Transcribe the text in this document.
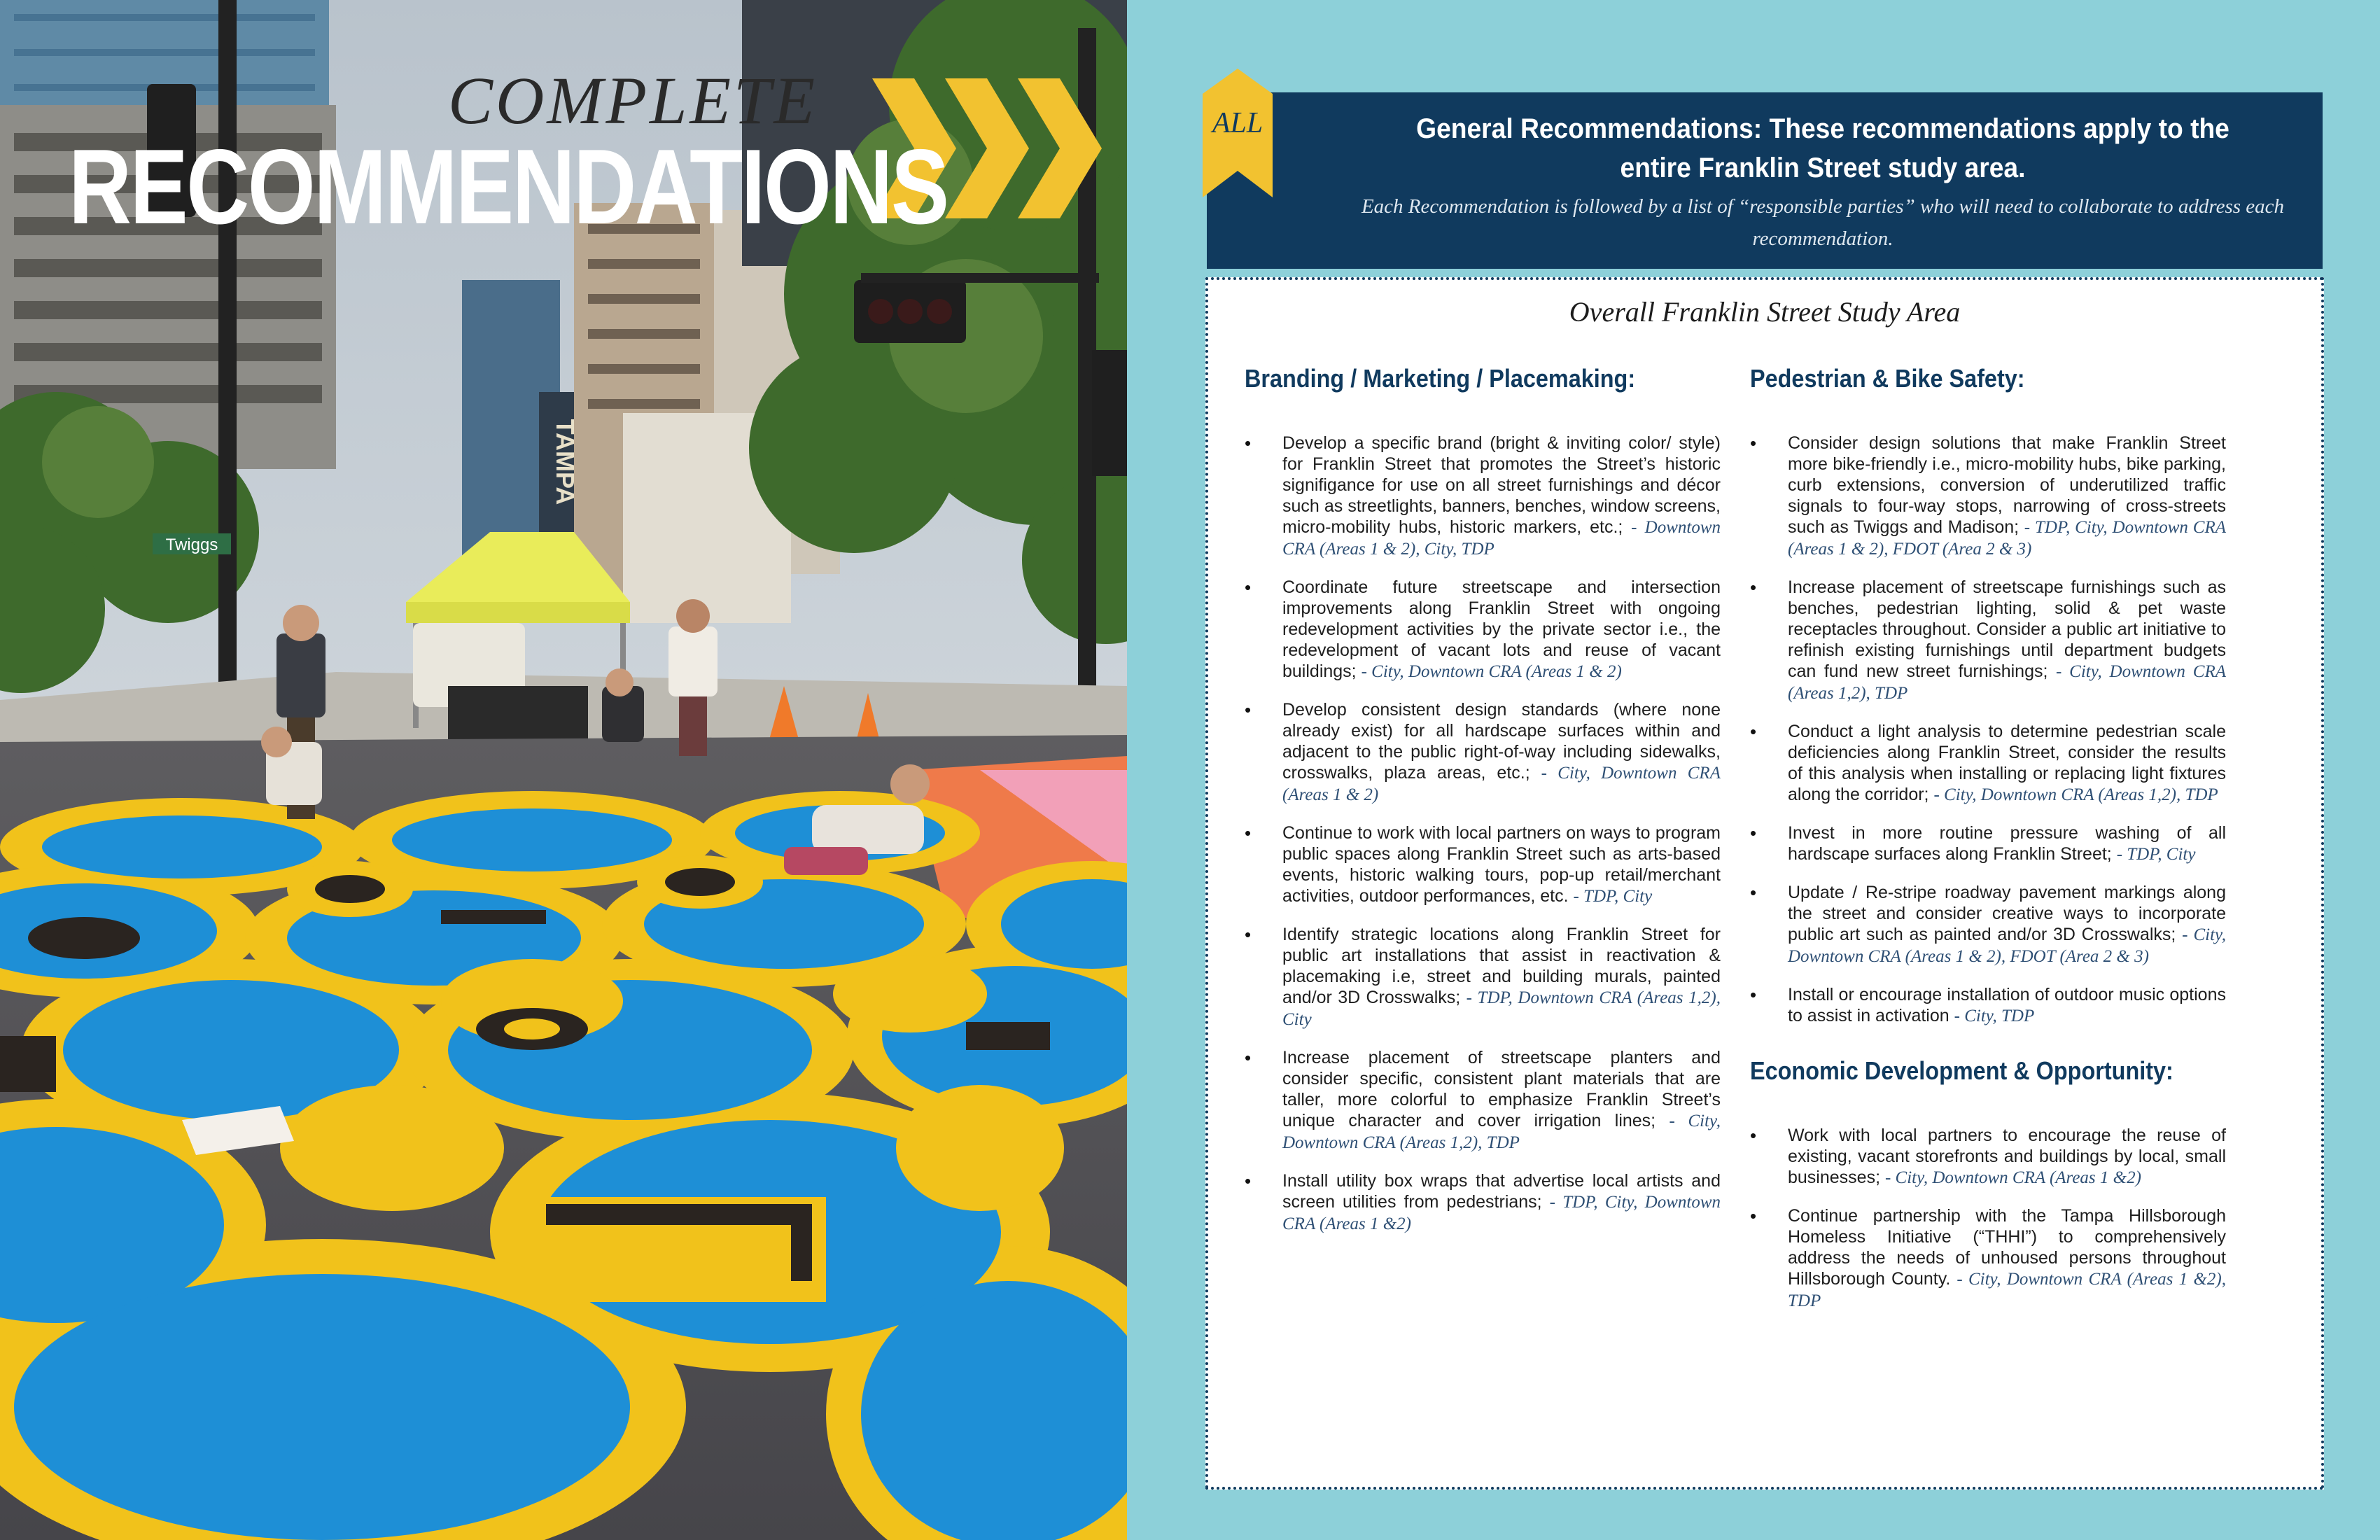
TAMPA
Twiggs
COMPLETE
RECOMMENDATIONS	General Recommendations: These recommendations apply to the entire Franklin Street study area.
Each Recommendation is followed by a list of “responsible parties” who will need to collaborate to address each recommendation.
ALL
Overall Franklin Street Study Area
Branding / Marketing / Placemaking:
• Develop a specific brand (bright & inviting color/ style) for Franklin Street that promotes the Street’s historic signifigance for use on all street furnishings and décor such as streetlights, banners, benches, window screens, micro-mobility hubs, historic markers, etc.; - Downtown CRA (Areas 1 & 2), City, TDP
• Coordinate future streetscape and intersection improvements along Franklin Street with ongoing redevelopment activities by the private sector i.e., the redevelopment of vacant lots and reuse of vacant buildings; - City, Downtown CRA (Areas 1 & 2)
• Develop consistent design standards (where none already exist) for all hardscape surfaces within and adjacent to the public right-of-way including sidewalks, crosswalks, plaza areas, etc.; - City, Downtown CRA (Areas 1 & 2)
• Continue to work with local partners on ways to program public spaces along Franklin Street such as arts-based events, historic walking tours, pop-up retail/merchant activities, outdoor performances, etc. - TDP, City
• Identify strategic locations along Franklin Street for public art installations that assist in reactivation & placemaking i.e, street and building murals, painted and/or 3D Crosswalks; - TDP, Downtown CRA (Areas 1,2), City
• Increase placement of streetscape planters and consider specific, consistent plant materials that are taller, more colorful to emphasize Franklin Street’s unique character and cover irrigation lines; - City, Downtown CRA (Areas 1,2), TDP
• Install utility box wraps that advertise local artists and screen utilities from pedestrians; - TDP, City, Downtown CRA (Areas 1 &2)
Pedestrian & Bike Safety:
• Consider design solutions that make Franklin Street more bike-friendly i.e., micro-mobility hubs, bike parking, curb extensions, conversion of underutilized traffic signals to four-way stops, narrowing of cross-streets such as Twiggs and Madison; - TDP, City, Downtown CRA (Areas 1 & 2), FDOT (Area 2 & 3)
• Increase placement of streetscape furnishings such as benches, pedestrian lighting, solid & pet waste receptacles throughout. Consider a public art initiative to refinish existing furnishings until department budgets can fund new street furnishings; - City, Downtown CRA (Areas 1,2), TDP
• Conduct a light analysis to determine pedestrian scale deficiencies along Franklin Street, consider the results of this analysis when installing or replacing light fixtures along the corridor; - City, Downtown CRA (Areas 1,2), TDP
• Invest in more routine pressure washing of all hardscape surfaces along Franklin Street; - TDP, City
• Update / Re-stripe roadway pavement markings along the street and consider creative ways to incorporate public art such as painted and/or 3D Crosswalks; - City, Downtown CRA (Areas 1 & 2), FDOT (Area 2 & 3)
• Install or encourage installation of outdoor music options to assist in activation - City, TDP
Economic Development & Opportunity:
• Work with local partners to encourage the reuse of existing, vacant storefronts and buildings by local, small businesses; - City, Downtown CRA (Areas 1 &2)
• Continue partnership with the Tampa Hillsborough Homeless Initiative (“THHI”) to comprehensively address the needs of unhoused persons throughout Hillsborough County. - City, Downtown CRA (Areas 1 &2), TDP
